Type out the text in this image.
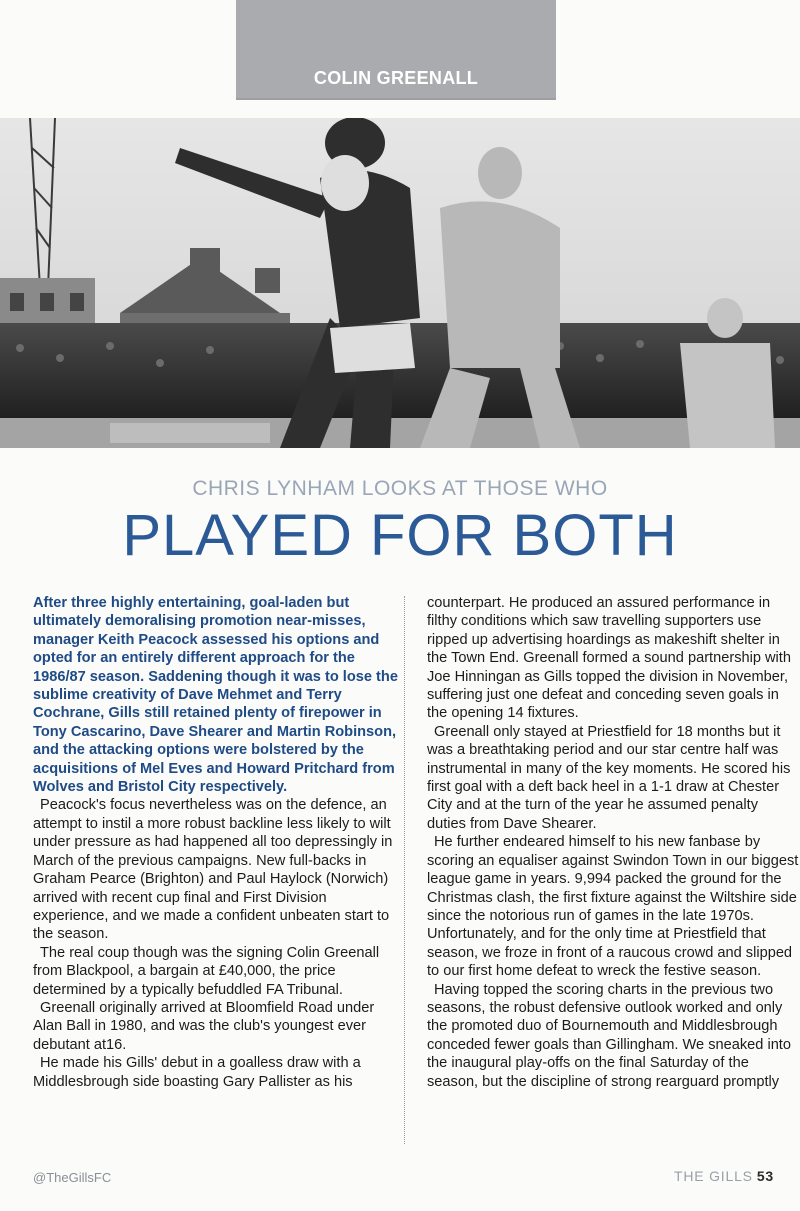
COLIN GREENALL
CHRIS LYNHAM LOOKS AT THOSE WHO
PLAYED FOR BOTH

After three highly entertaining, goal-laden but ultimately demoralising promotion near-misses, manager Keith Peacock assessed his options and opted for an entirely different approach for the 1986/87 season. Saddening though it was to lose the sublime creativity of Dave Mehmet and Terry Cochrane, Gills still retained plenty of firepower in Tony Cascarino, Dave Shearer and Martin Robinson, and the attacking options were bolstered by the acquisitions of Mel Eves and Howard Pritchard from Wolves and Bristol City respectively.

Peacock's focus nevertheless was on the defence, an attempt to instil a more robust backline less likely to wilt under pressure as had happened all too depressingly in March of the previous campaigns. New full-backs in Graham Pearce (Brighton) and Paul Haylock (Norwich) arrived with recent cup final and First Division experience, and we made a confident unbeaten start to the season.

The real coup though was the signing Colin Greenall from Blackpool, a bargain at £40,000, the price determined by a typically befuddled FA Tribunal.

Greenall originally arrived at Bloomfield Road under Alan Ball in 1980, and was the club's youngest ever debutant at16.

He made his Gills' debut in a goalless draw with a Middlesbrough side boasting Gary Pallister as his

counterpart. He produced an assured performance in filthy conditions which saw travelling supporters use ripped up advertising hoardings as makeshift shelter in the Town End. Greenall formed a sound partnership with Joe Hinningan as Gills topped the division in November, suffering just one defeat and conceding seven goals in the opening 14 fixtures.

Greenall only stayed at Priestfield for 18 months but it was a breathtaking period and our star centre half was instrumental in many of the key moments. He scored his first goal with a deft back heel in a 1-1 draw at Chester City and at the turn of the year he assumed penalty duties from Dave Shearer.

He further endeared himself to his new fanbase by scoring an equaliser against Swindon Town in our biggest league game in years. 9,994 packed the ground for the Christmas clash, the first fixture against the Wiltshire side since the notorious run of games in the late 1970s. Unfortunately, and for the only time at Priestfield that season, we froze in front of a raucous crowd and slipped to our first home defeat to wreck the festive season.

Having topped the scoring charts in the previous two seasons, the robust defensive outlook worked and only the promoted duo of Bournemouth and Middlesbrough conceded fewer goals than Gillingham. We sneaked into the inaugural play-offs on the final Saturday of the season, but the discipline of strong rearguard promptly

@TheGillsFC	THE GILLS 53
